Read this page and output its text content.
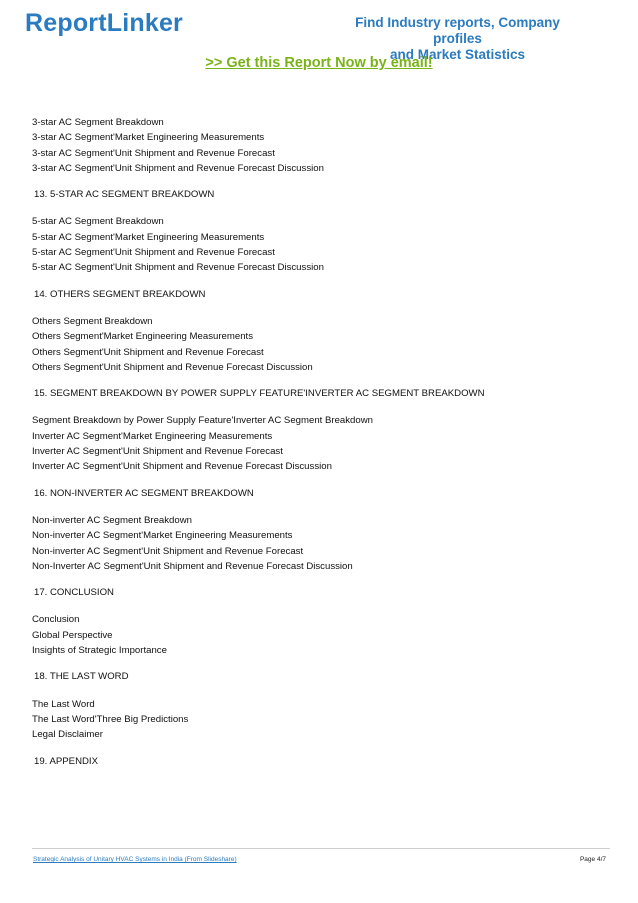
ReportLinker	Find Industry reports, Company profiles
and Market Statistics
>> Get this Report Now by email!
3-star AC Segment Breakdown
3-star AC Segment'Market Engineering Measurements
3-star AC Segment'Unit Shipment and Revenue Forecast
3-star AC Segment'Unit Shipment and Revenue Forecast Discussion
13. 5-STAR AC SEGMENT BREAKDOWN
5-star AC Segment Breakdown
5-star AC Segment'Market Engineering Measurements
5-star AC Segment'Unit Shipment and Revenue Forecast
5-star AC Segment'Unit Shipment and Revenue Forecast Discussion
14. OTHERS SEGMENT BREAKDOWN
Others Segment Breakdown
Others Segment'Market Engineering Measurements
Others Segment'Unit Shipment and Revenue Forecast
Others Segment'Unit Shipment and Revenue Forecast Discussion
15. SEGMENT BREAKDOWN BY POWER SUPPLY FEATURE'INVERTER AC SEGMENT BREAKDOWN
Segment Breakdown by Power Supply Feature'Inverter AC Segment Breakdown
Inverter AC Segment'Market Engineering Measurements
Inverter AC Segment'Unit Shipment and Revenue Forecast
Inverter AC Segment'Unit Shipment and Revenue Forecast Discussion
16. NON-INVERTER AC SEGMENT BREAKDOWN
Non-inverter AC Segment Breakdown
Non-inverter AC Segment'Market Engineering Measurements
Non-inverter AC Segment'Unit Shipment and Revenue Forecast
Non-Inverter AC Segment'Unit Shipment and Revenue Forecast Discussion
17. CONCLUSION
Conclusion
Global Perspective
Insights of Strategic Importance
18. THE LAST WORD
The Last Word
The Last Word'Three Big Predictions
Legal Disclaimer
19. APPENDIX
Strategic Analysis of Unitary HVAC Systems in India (From Slideshare)	Page 4/7
